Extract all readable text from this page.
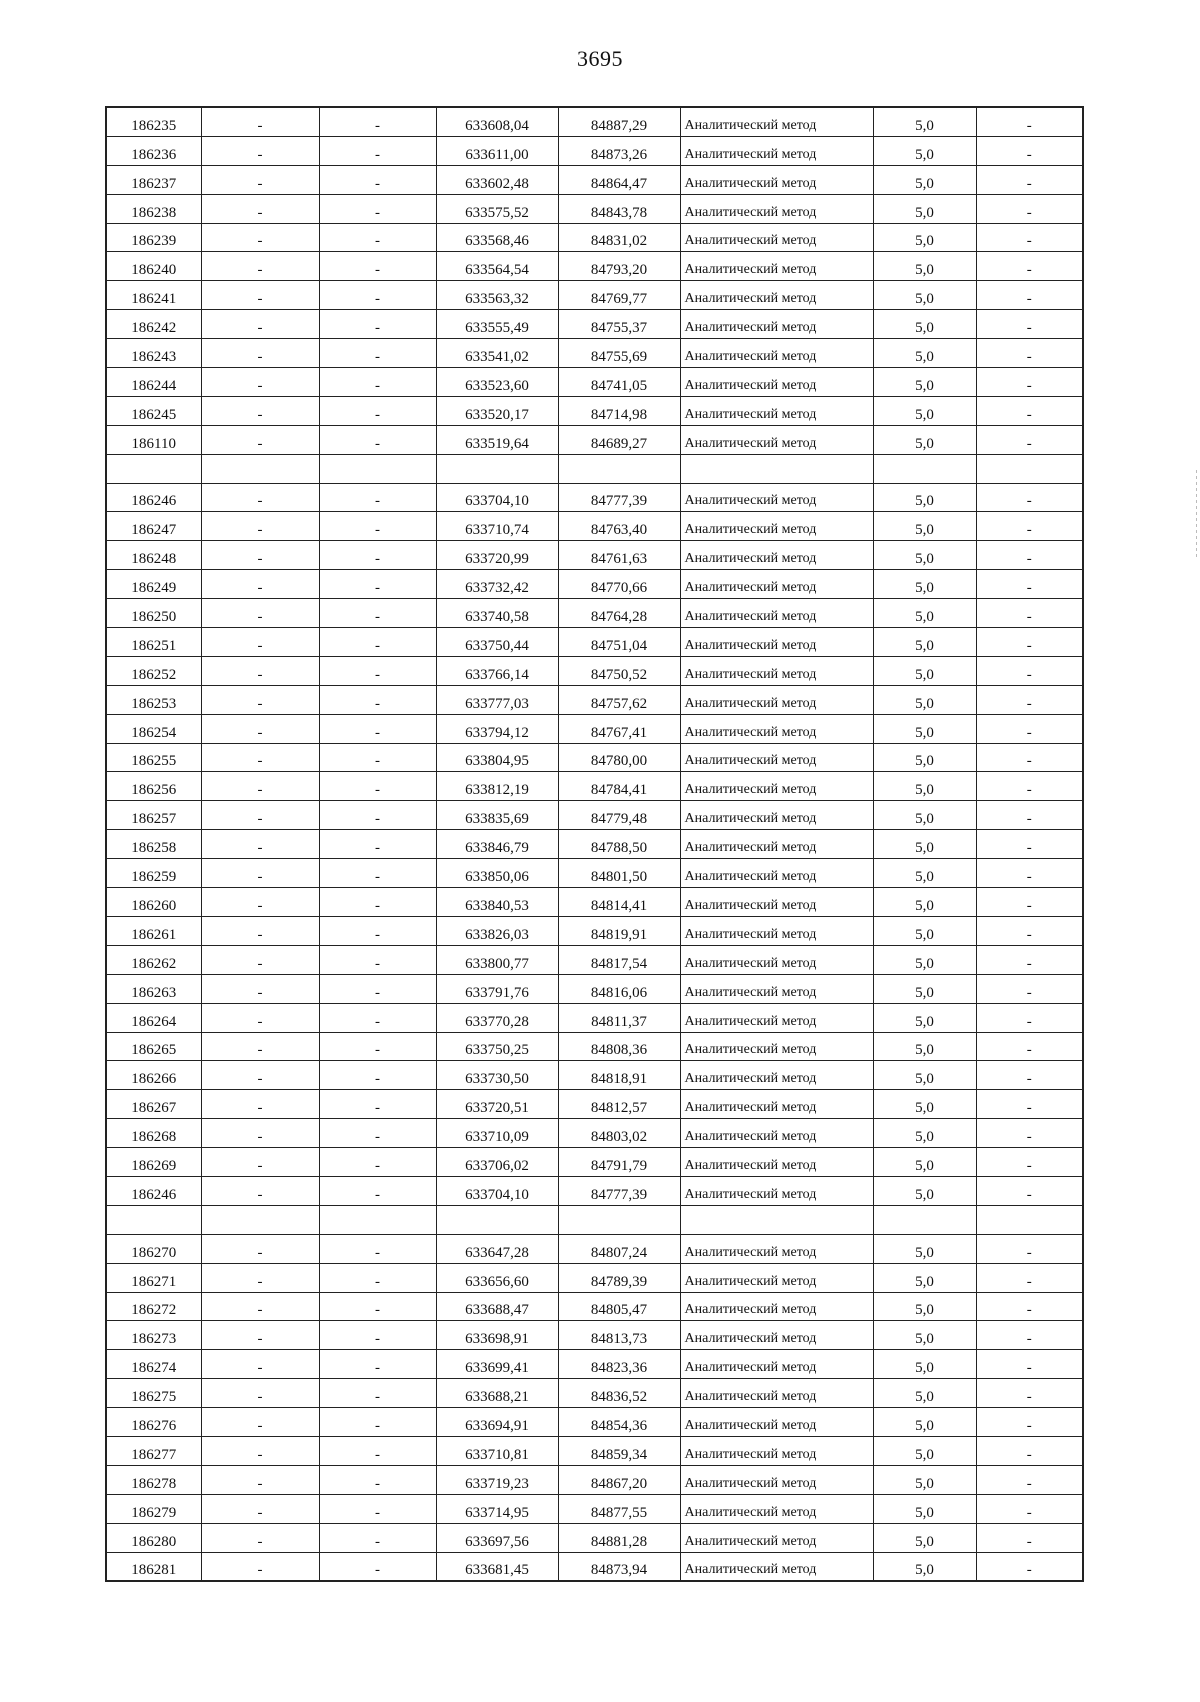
3695
186235	-	-	633608,04	84887,29	Аналитический метод	5,0	-
186236	-	-	633611,00	84873,26	Аналитический метод	5,0	-
186237	-	-	633602,48	84864,47	Аналитический метод	5,0	-
186238	-	-	633575,52	84843,78	Аналитический метод	5,0	-
186239	-	-	633568,46	84831,02	Аналитический метод	5,0	-
186240	-	-	633564,54	84793,20	Аналитический метод	5,0	-
186241	-	-	633563,32	84769,77	Аналитический метод	5,0	-
186242	-	-	633555,49	84755,37	Аналитический метод	5,0	-
186243	-	-	633541,02	84755,69	Аналитический метод	5,0	-
186244	-	-	633523,60	84741,05	Аналитический метод	5,0	-
186245	-	-	633520,17	84714,98	Аналитический метод	5,0	-
186110	-	-	633519,64	84689,27	Аналитический метод	5,0	-

186246	-	-	633704,10	84777,39	Аналитический метод	5,0	-
186247	-	-	633710,74	84763,40	Аналитический метод	5,0	-
186248	-	-	633720,99	84761,63	Аналитический метод	5,0	-
186249	-	-	633732,42	84770,66	Аналитический метод	5,0	-
186250	-	-	633740,58	84764,28	Аналитический метод	5,0	-
186251	-	-	633750,44	84751,04	Аналитический метод	5,0	-
186252	-	-	633766,14	84750,52	Аналитический метод	5,0	-
186253	-	-	633777,03	84757,62	Аналитический метод	5,0	-
186254	-	-	633794,12	84767,41	Аналитический метод	5,0	-
186255	-	-	633804,95	84780,00	Аналитический метод	5,0	-
186256	-	-	633812,19	84784,41	Аналитический метод	5,0	-
186257	-	-	633835,69	84779,48	Аналитический метод	5,0	-
186258	-	-	633846,79	84788,50	Аналитический метод	5,0	-
186259	-	-	633850,06	84801,50	Аналитический метод	5,0	-
186260	-	-	633840,53	84814,41	Аналитический метод	5,0	-
186261	-	-	633826,03	84819,91	Аналитический метод	5,0	-
186262	-	-	633800,77	84817,54	Аналитический метод	5,0	-
186263	-	-	633791,76	84816,06	Аналитический метод	5,0	-
186264	-	-	633770,28	84811,37	Аналитический метод	5,0	-
186265	-	-	633750,25	84808,36	Аналитический метод	5,0	-
186266	-	-	633730,50	84818,91	Аналитический метод	5,0	-
186267	-	-	633720,51	84812,57	Аналитический метод	5,0	-
186268	-	-	633710,09	84803,02	Аналитический метод	5,0	-
186269	-	-	633706,02	84791,79	Аналитический метод	5,0	-
186246	-	-	633704,10	84777,39	Аналитический метод	5,0	-

186270	-	-	633647,28	84807,24	Аналитический метод	5,0	-
186271	-	-	633656,60	84789,39	Аналитический метод	5,0	-
186272	-	-	633688,47	84805,47	Аналитический метод	5,0	-
186273	-	-	633698,91	84813,73	Аналитический метод	5,0	-
186274	-	-	633699,41	84823,36	Аналитический метод	5,0	-
186275	-	-	633688,21	84836,52	Аналитический метод	5,0	-
186276	-	-	633694,91	84854,36	Аналитический метод	5,0	-
186277	-	-	633710,81	84859,34	Аналитический метод	5,0	-
186278	-	-	633719,23	84867,20	Аналитический метод	5,0	-
186279	-	-	633714,95	84877,55	Аналитический метод	5,0	-
186280	-	-	633697,56	84881,28	Аналитический метод	5,0	-
186281	-	-	633681,45	84873,94	Аналитический метод	5,0	-
